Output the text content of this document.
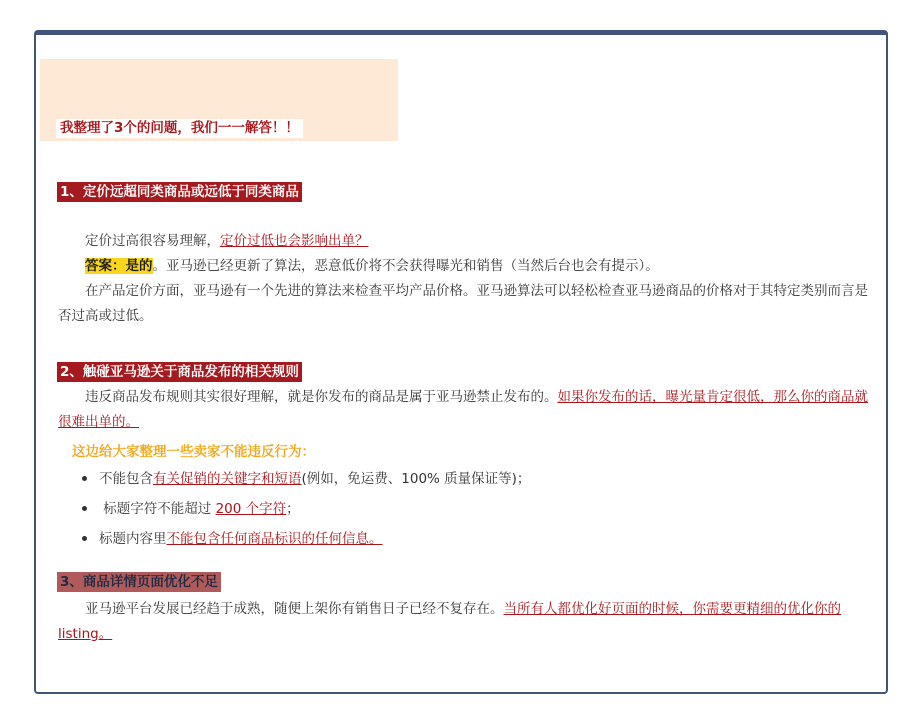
我整理了3个的问题，我们一一解答！！
1、定价远超同类商品或远低于同类商品
定价过高很容易理解，定价过低也会影响出单？
答案：是的。亚马逊已经更新了算法，恶意低价将不会获得曝光和销售（当然后台也会有提示）。
在产品定价方面，亚马逊有一个先进的算法来检查平均产品价格。亚马逊算法可以轻松检查亚马逊商品的价格对于其特定类别而言是否过高或过低。
2、触碰亚马逊关于商品发布的相关规则
违反商品发布规则其实很好理解，就是你发布的商品是属于亚马逊禁止发布的。如果你发布的话，曝光量肯定很低，那么你的商品就很难出单的。
这边给大家整理一些卖家不能违反行为：
不能包含有关促销的关键字和短语(例如，免运费、100% 质量保证等)；
标题字符不能超过 200 个字符；
标题内容里不能包含任何商品标识的任何信息。
3、商品详情页面优化不足
亚马逊平台发展已经趋于成熟，随便上架你有销售日子已经不复存在。当所有人都优化好页面的时候，你需要更精细的优化你的listing。
